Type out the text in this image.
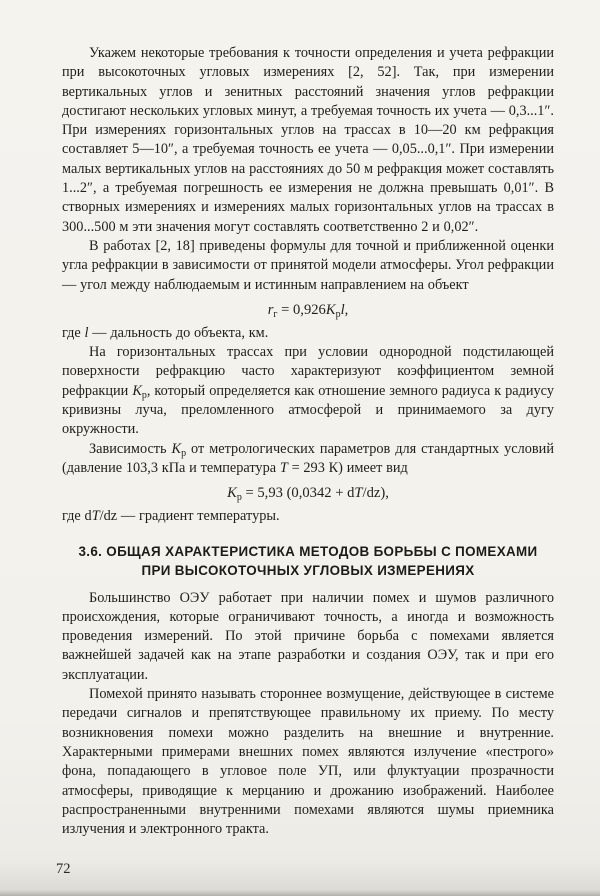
Укажем некоторые требования к точности определения и учета рефракции при высокоточных угловых измерениях [2, 52]. Так, при измерении вертикальных углов и зенитных расстояний значения углов рефракции достигают нескольких угловых минут, а требуемая точность их учета — 0,3...1″. При измерениях горизонтальных углов на трассах в 10—20 км рефракция составляет 5—10″, а требуемая точность ее учета — 0,05...0,1″. При измерении малых вертикальных углов на расстояниях до 50 м рефракция может составлять 1...2″, а требуемая погрешность ее измерения не должна превышать 0,01″. В створных измерениях и измерениях малых горизонтальных углов на трассах в 300...500 м эти значения могут составлять соответственно 2 и 0,02″.

В работах [2, 18] приведены формулы для точной и приближенной оценки угла рефракции в зависимости от принятой модели атмосферы. Угол рефракции — угол между наблюдаемым и истинным направлением на объект

$r_г = 0,926K_рl$,

где l — дальность до объекта, км.

На горизонтальных трассах при условии однородной подстилающей поверхности рефракцию часто характеризуют коэффициентом земной рефракции $K_р$, который определяется как отношение земного радиуса к радиусу кривизны луча, преломленного атмосферой и принимаемого за дугу окружности.

Зависимость $K_р$ от метрологических параметров для стандартных условий (давление 103,3 кПа и температура T = 293 К) имеет вид

$K_р = 5,93$ (0,0342 + dT/dz),

где dT/dz — градиент температуры.

3.6. ОБЩАЯ ХАРАКТЕРИСТИКА МЕТОДОВ БОРЬБЫ С ПОМЕХАМИ
ПРИ ВЫСОКОТОЧНЫХ УГЛОВЫХ ИЗМЕРЕНИЯХ

Большинство ОЭУ работает при наличии помех и шумов различного происхождения, которые ограничивают точность, а иногда и возможность проведения измерений. По этой причине борьба с помехами является важнейшей задачей как на этапе разработки и создания ОЭУ, так и при его эксплуатации.

Помехой принято называть стороннее возмущение, действующее в системе передачи сигналов и препятствующее правильному их приему. По месту возникновения помехи можно разделить на внешние и внутренние. Характерными примерами внешних помех являются излучение «пестрого» фона, попадающего в угловое поле УП, или флуктуации прозрачности атмосферы, приводящие к мерцанию и дрожанию изображений. Наиболее распространенными внутренними помехами являются шумы приемника излучения и электронного тракта.

72
